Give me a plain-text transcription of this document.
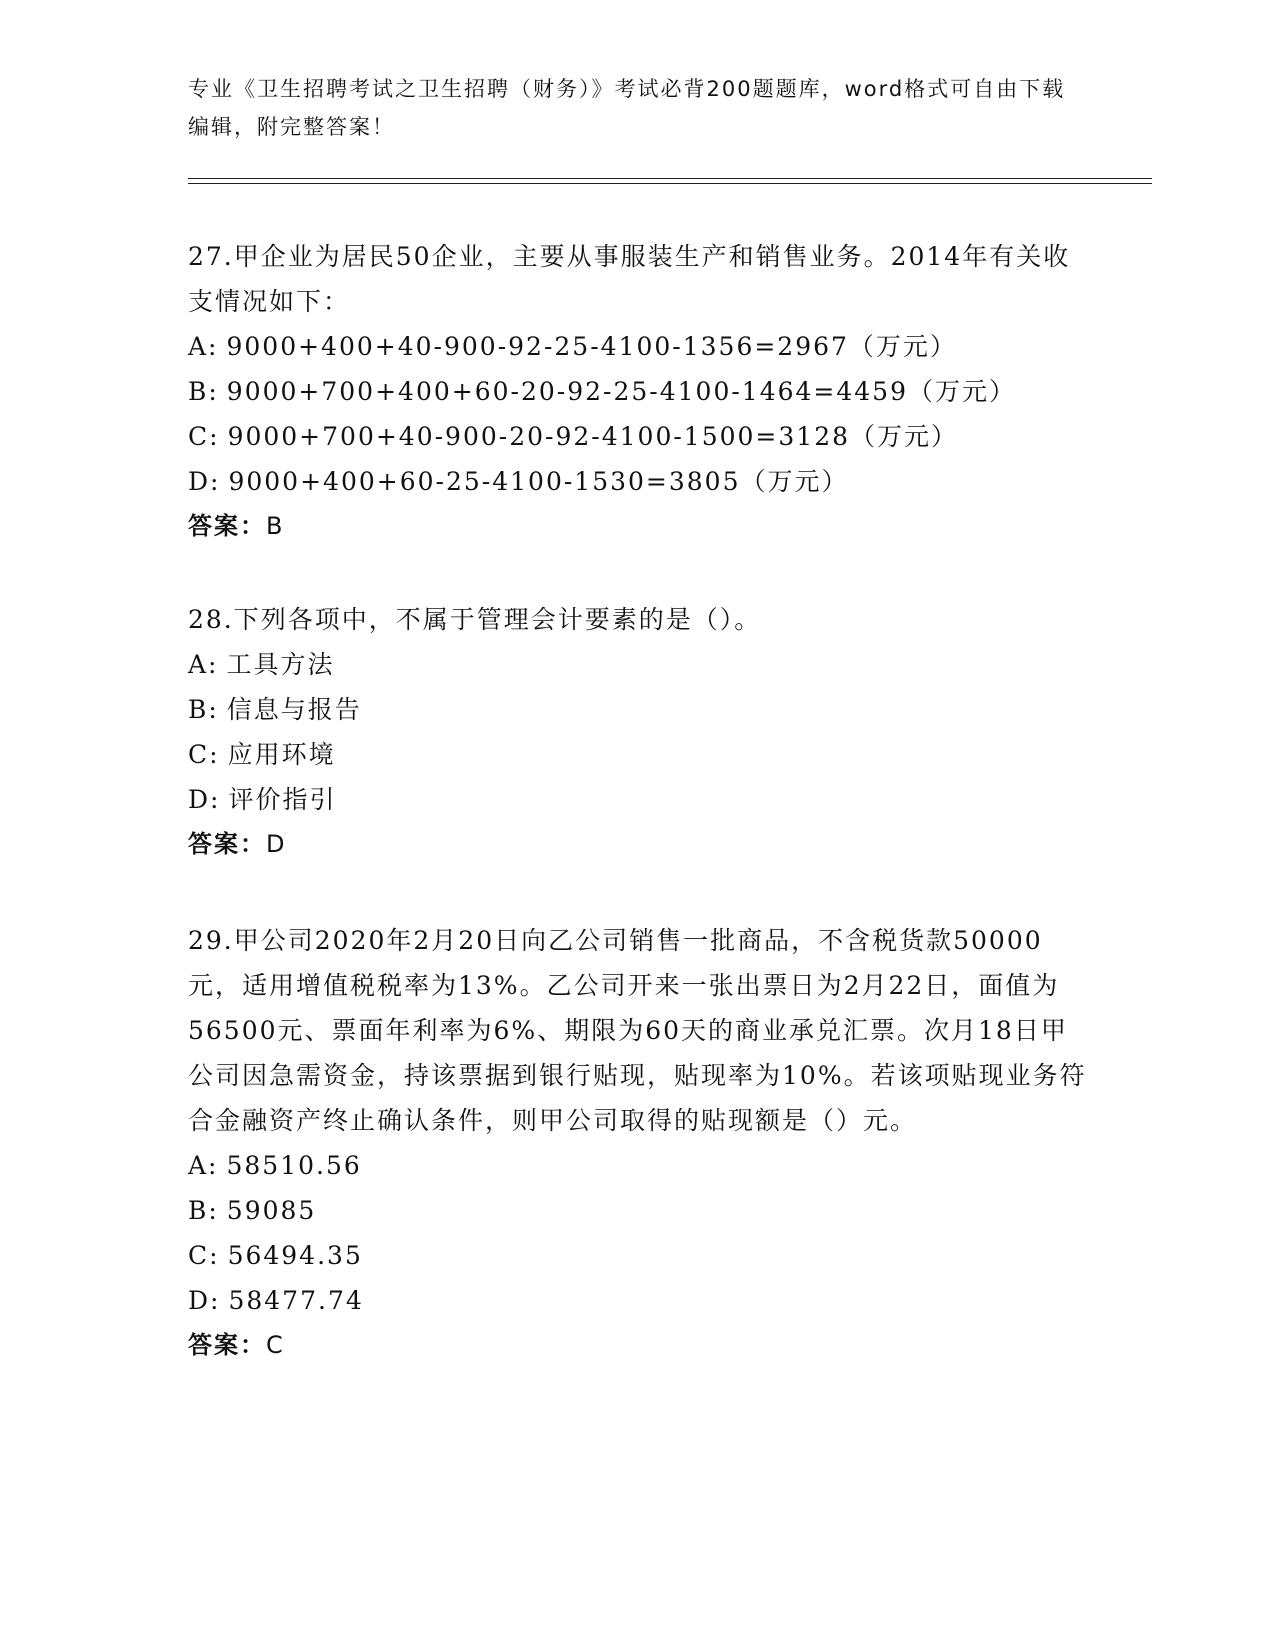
专业《卫生招聘考试之卫生招聘（财务）》考试必背200题题库，word格式可自由下载编辑，附完整答案！

27.甲企业为居民50企业，主要从事服装生产和销售业务。2014年有关收支情况如下：

A: 9000+400+40-900-92-25-4100-1356=2967（万元）

B: 9000+700+400+60-20-92-25-4100-1464=4459（万元）

C: 9000+700+40-900-20-92-4100-1500=3128（万元）

D: 9000+400+60-25-4100-1530=3805（万元）

答案：B

28.下列各项中，不属于管理会计要素的是（）。

A: 工具方法

B: 信息与报告

C: 应用环境

D: 评价指引

答案：D

29.甲公司2020年2月20日向乙公司销售一批商品，不含税货款50000元，适用增值税税率为13%。乙公司开来一张出票日为2月22日，面值为56500元、票面年利率为6%、期限为60天的商业承兑汇票。次月18日甲公司因急需资金，持该票据到银行贴现，贴现率为10%。若该项贴现业务符合金融资产终止确认条件，则甲公司取得的贴现额是（）元。

A: 58510.56

B: 59085

C: 56494.35

D: 58477.74

答案：C
